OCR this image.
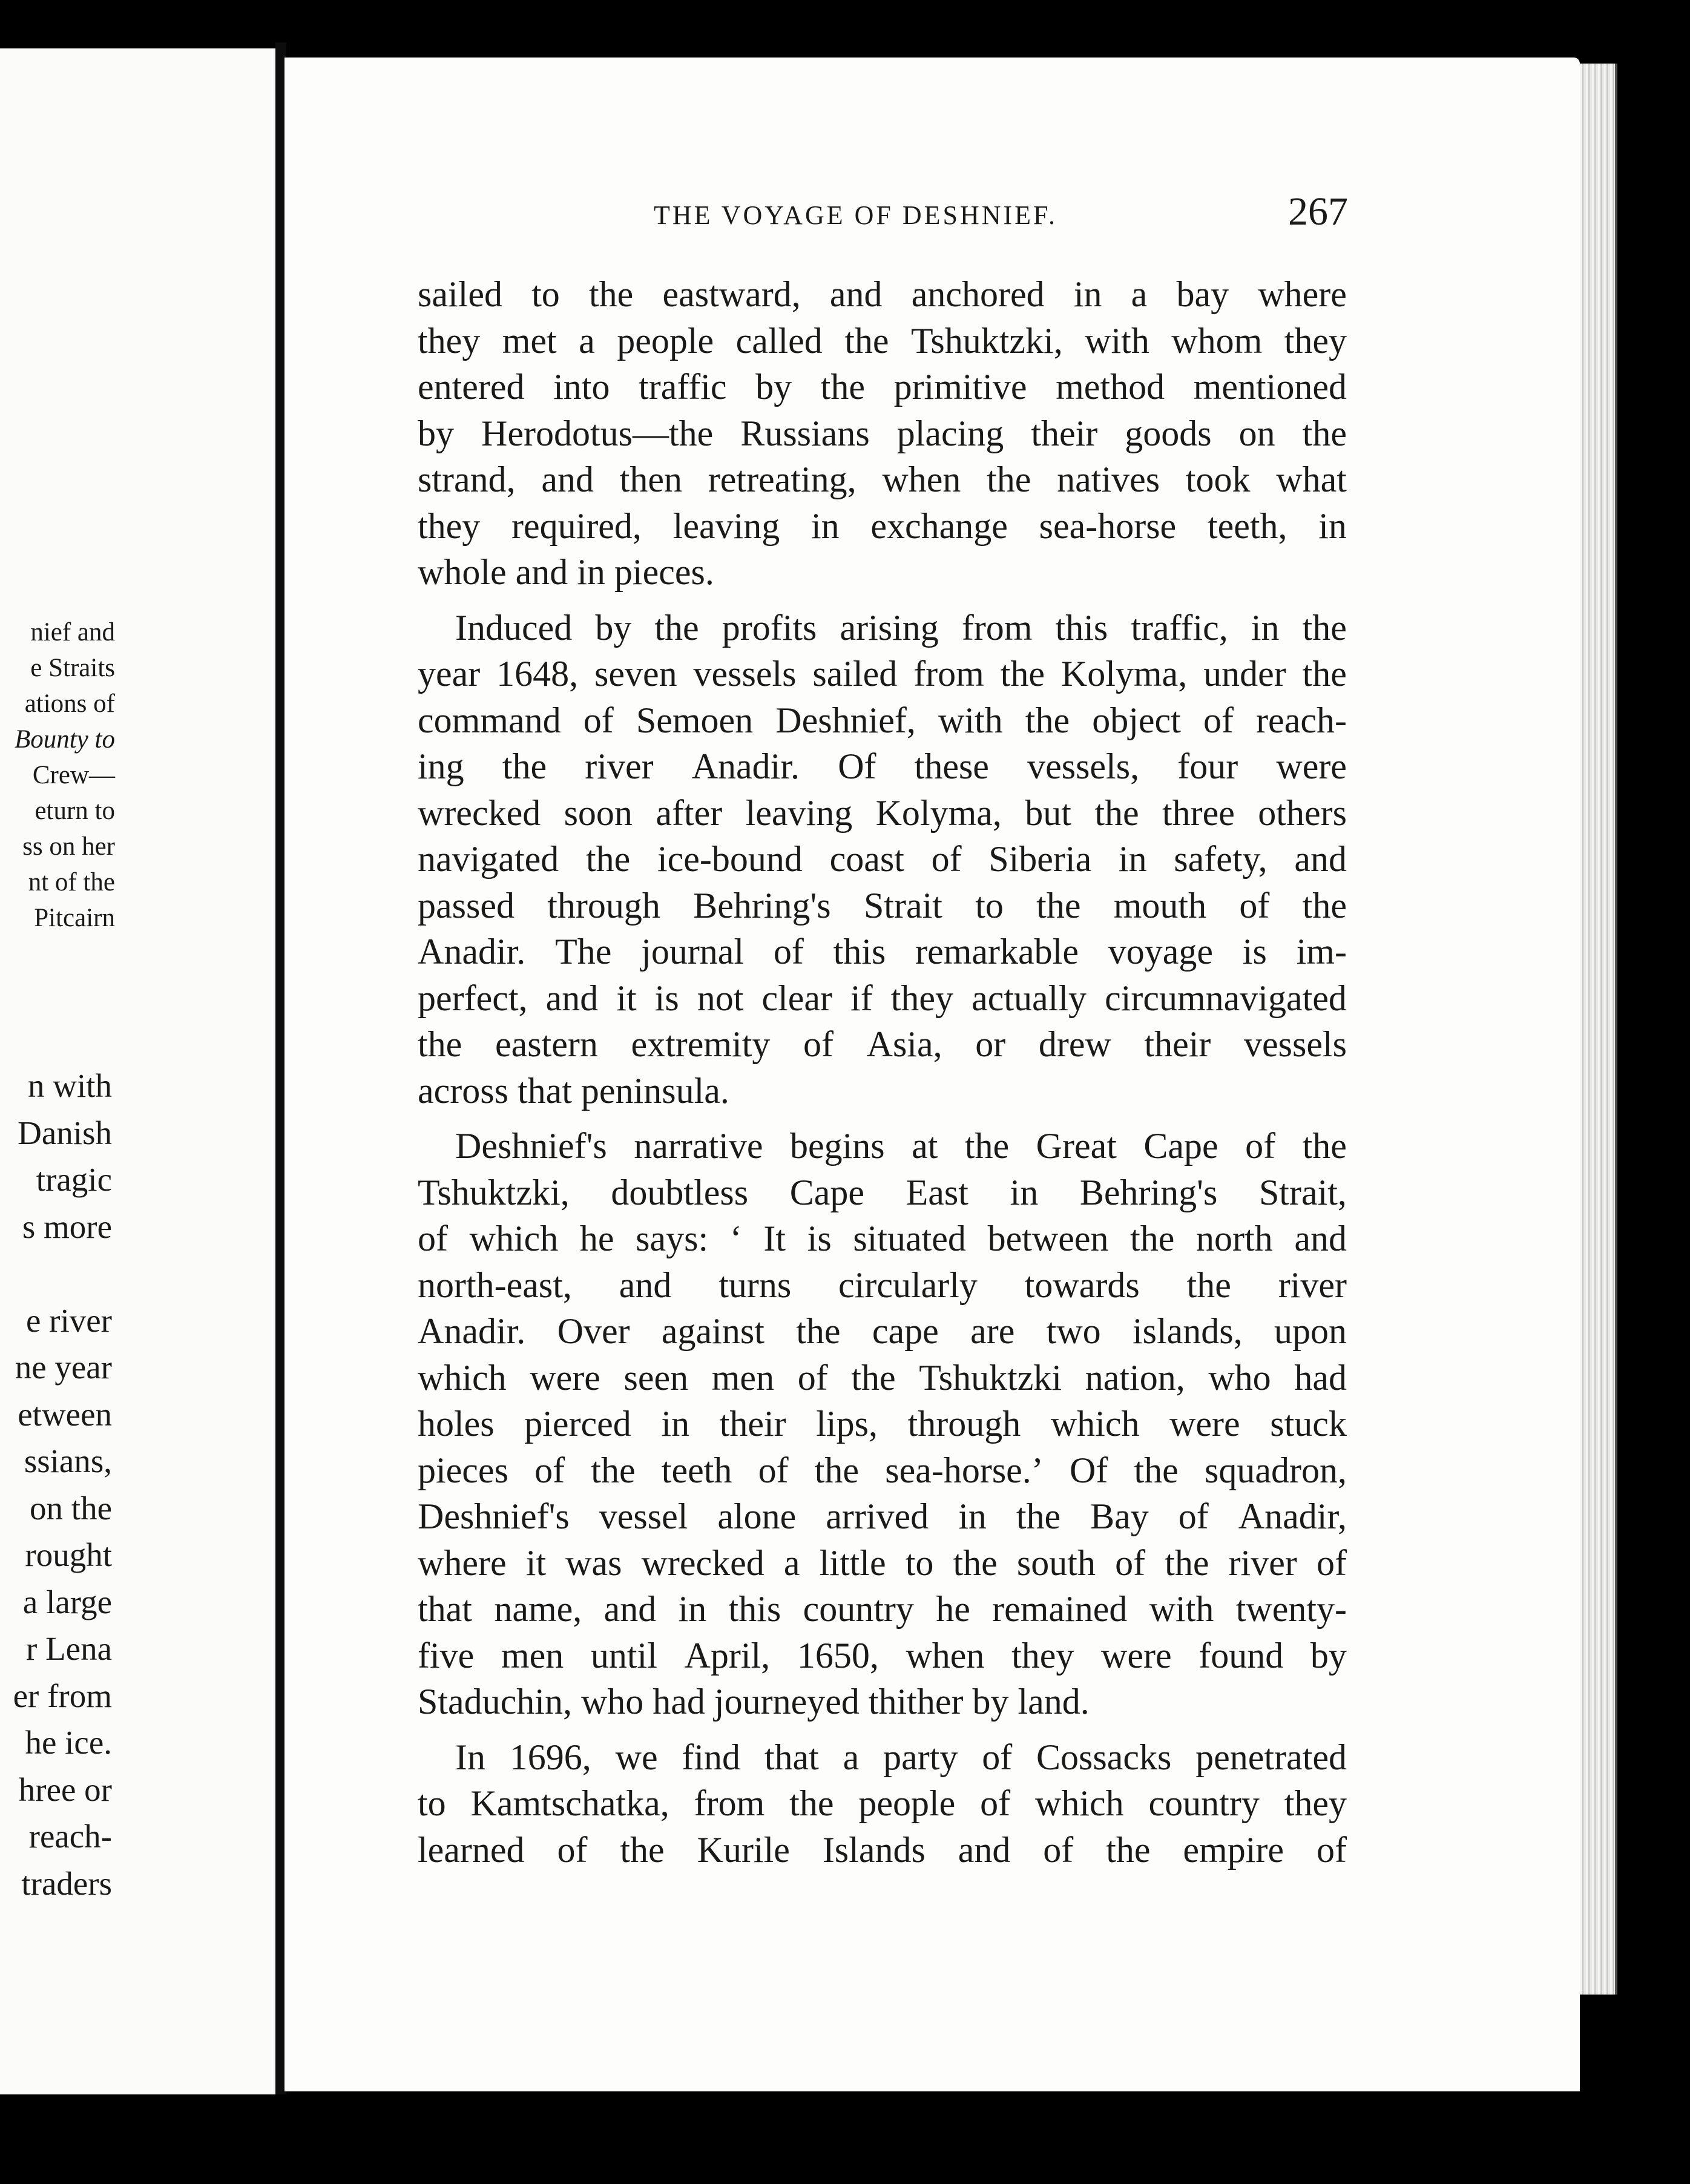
nief and
e Straits
ations of
Bounty to
Crew—
eturn to
ss on her
nt of the
Pitcairn
n with
Danish
tragic
s more

e river
ne year
etween
ssians,
on the
rought
a large
r Lena
er from
he ice.
hree or
reach-
traders
THE VOYAGE OF DESHNIEF.	267
sailed to the eastward, and anchored in a bay where
they met a people called the Tshuktzki, with whom they
entered into traffic by the primitive method mentioned
by Herodotus—the Russians placing their goods on the
strand, and then retreating, when the natives took what
they required, leaving in exchange sea-horse teeth, in
whole and in pieces.
Induced by the profits arising from this traffic, in the
year 1648, seven vessels sailed from the Kolyma, under the
command of Semoen Deshnief, with the object of reach-
ing the river Anadir. Of these vessels, four were
wrecked soon after leaving Kolyma, but the three others
navigated the ice-bound coast of Siberia in safety, and
passed through Behring's Strait to the mouth of the
Anadir. The journal of this remarkable voyage is im-
perfect, and it is not clear if they actually circumnavigated
the eastern extremity of Asia, or drew their vessels
across that peninsula.
Deshnief's narrative begins at the Great Cape of the
Tshuktzki, doubtless Cape East in Behring's Strait,
of which he says: ‘ It is situated between the north and
north-east, and turns circularly towards the river
Anadir. Over against the cape are two islands, upon
which were seen men of the Tshuktzki nation, who had
holes pierced in their lips, through which were stuck
pieces of the teeth of the sea-horse.’ Of the squadron,
Deshnief's vessel alone arrived in the Bay of Anadir,
where it was wrecked a little to the south of the river of
that name, and in this country he remained with twenty-
five men until April, 1650, when they were found by
Staduchin, who had journeyed thither by land.
In 1696, we find that a party of Cossacks penetrated
to Kamtschatka, from the people of which country they
learned of the Kurile Islands and of the empire of
